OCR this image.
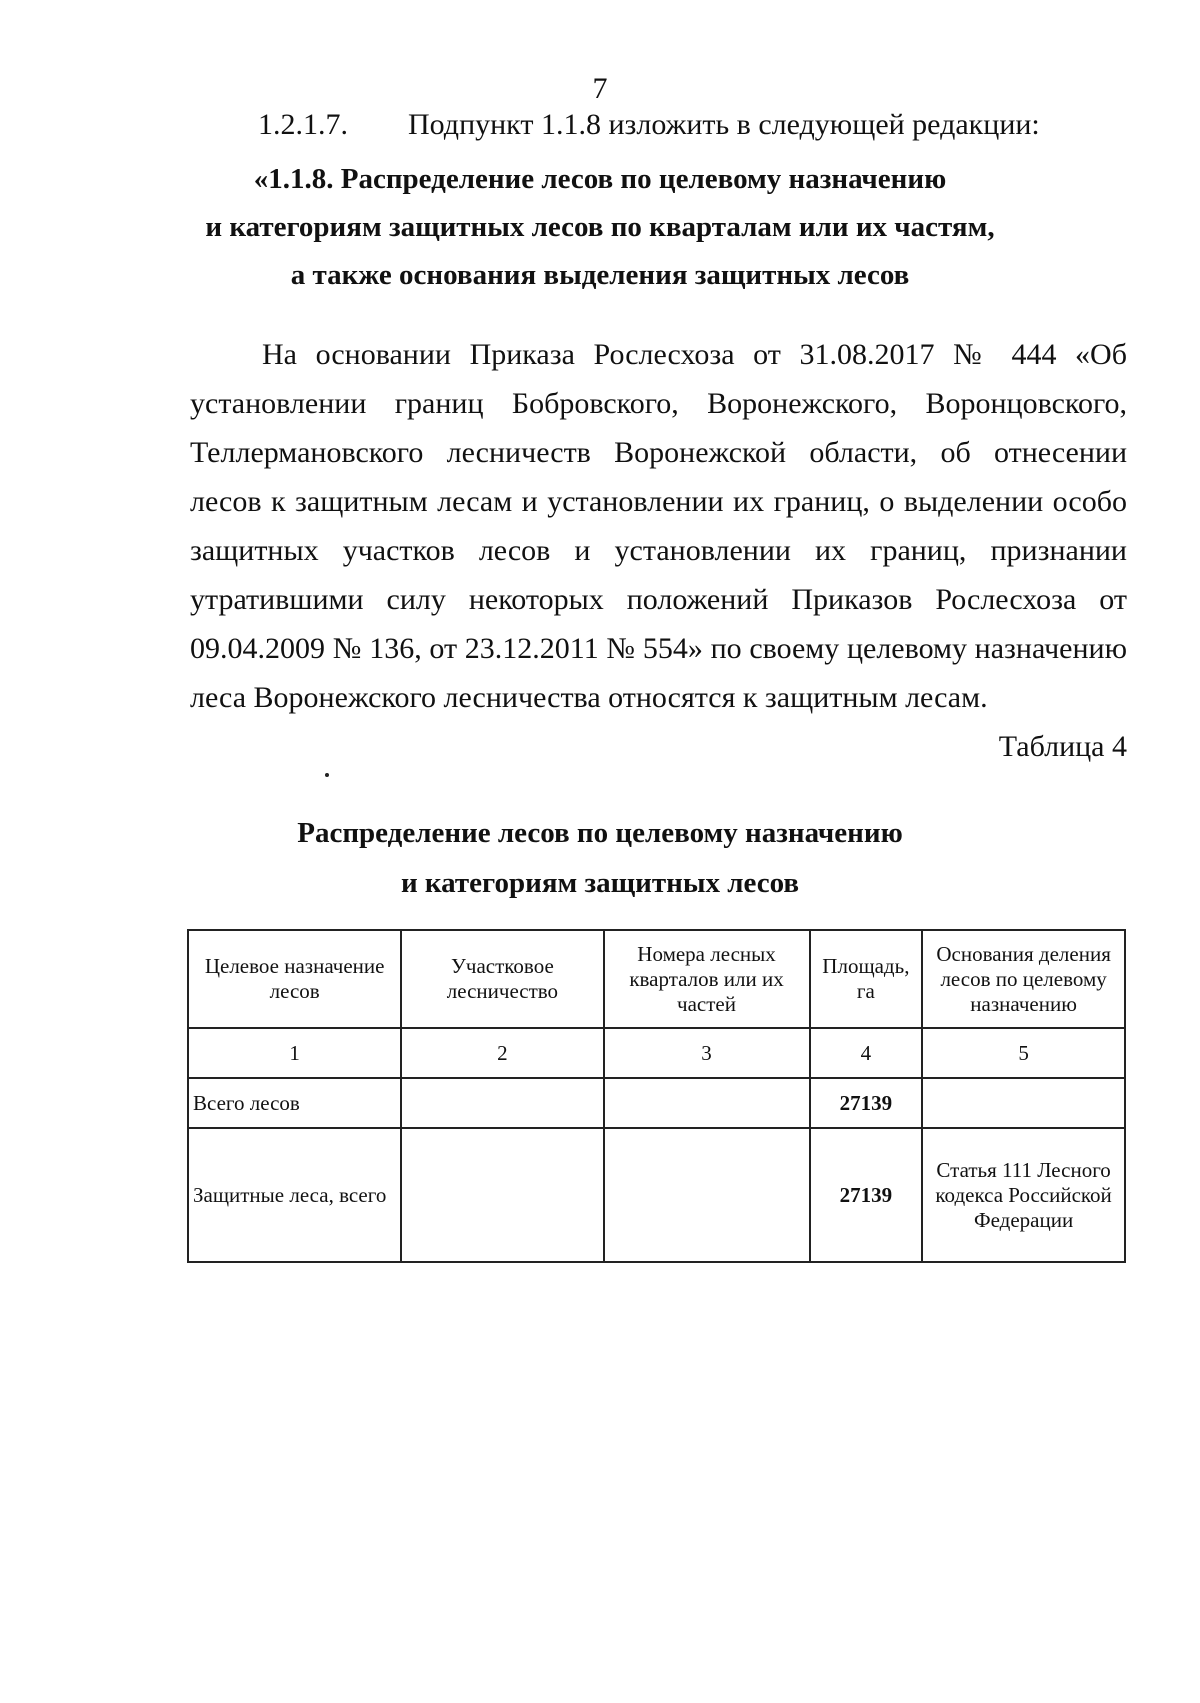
7
1.2.1.7. Подпункт 1.1.8 изложить в следующей редакции:
«1.1.8. Распределение лесов по целевому назначению
и категориям защитных лесов по кварталам или их частям,
а также основания выделения защитных лесов
На основании Приказа Рослесхоза от 31.08.2017 № 444 «Об установлении границ Бобровского, Воронежского, Воронцовского, Теллермановского лесничеств Воронежской области, об отнесении лесов к защитным лесам и установлении их границ, о выделении особо защитных участков лесов и установлении их границ, признании утратившими силу некоторых положений Приказов Рослесхоза от 09.04.2009 № 136, от 23.12.2011 № 554» по своему целевому назначению леса Воронежского лесничества относятся к защитным лесам.
Таблица 4
Распределение лесов по целевому назначению
и категориям защитных лесов
Целевое назначение лесов	Участковое лесничество	Номера лесных кварталов или их частей	Площадь, га	Основания деления лесов по целевому назначению
1	2	3	4	5
Всего лесов			27139	
Защитные леса, всего			27139	Статья 111 Лесного кодекса Российской Федерации
